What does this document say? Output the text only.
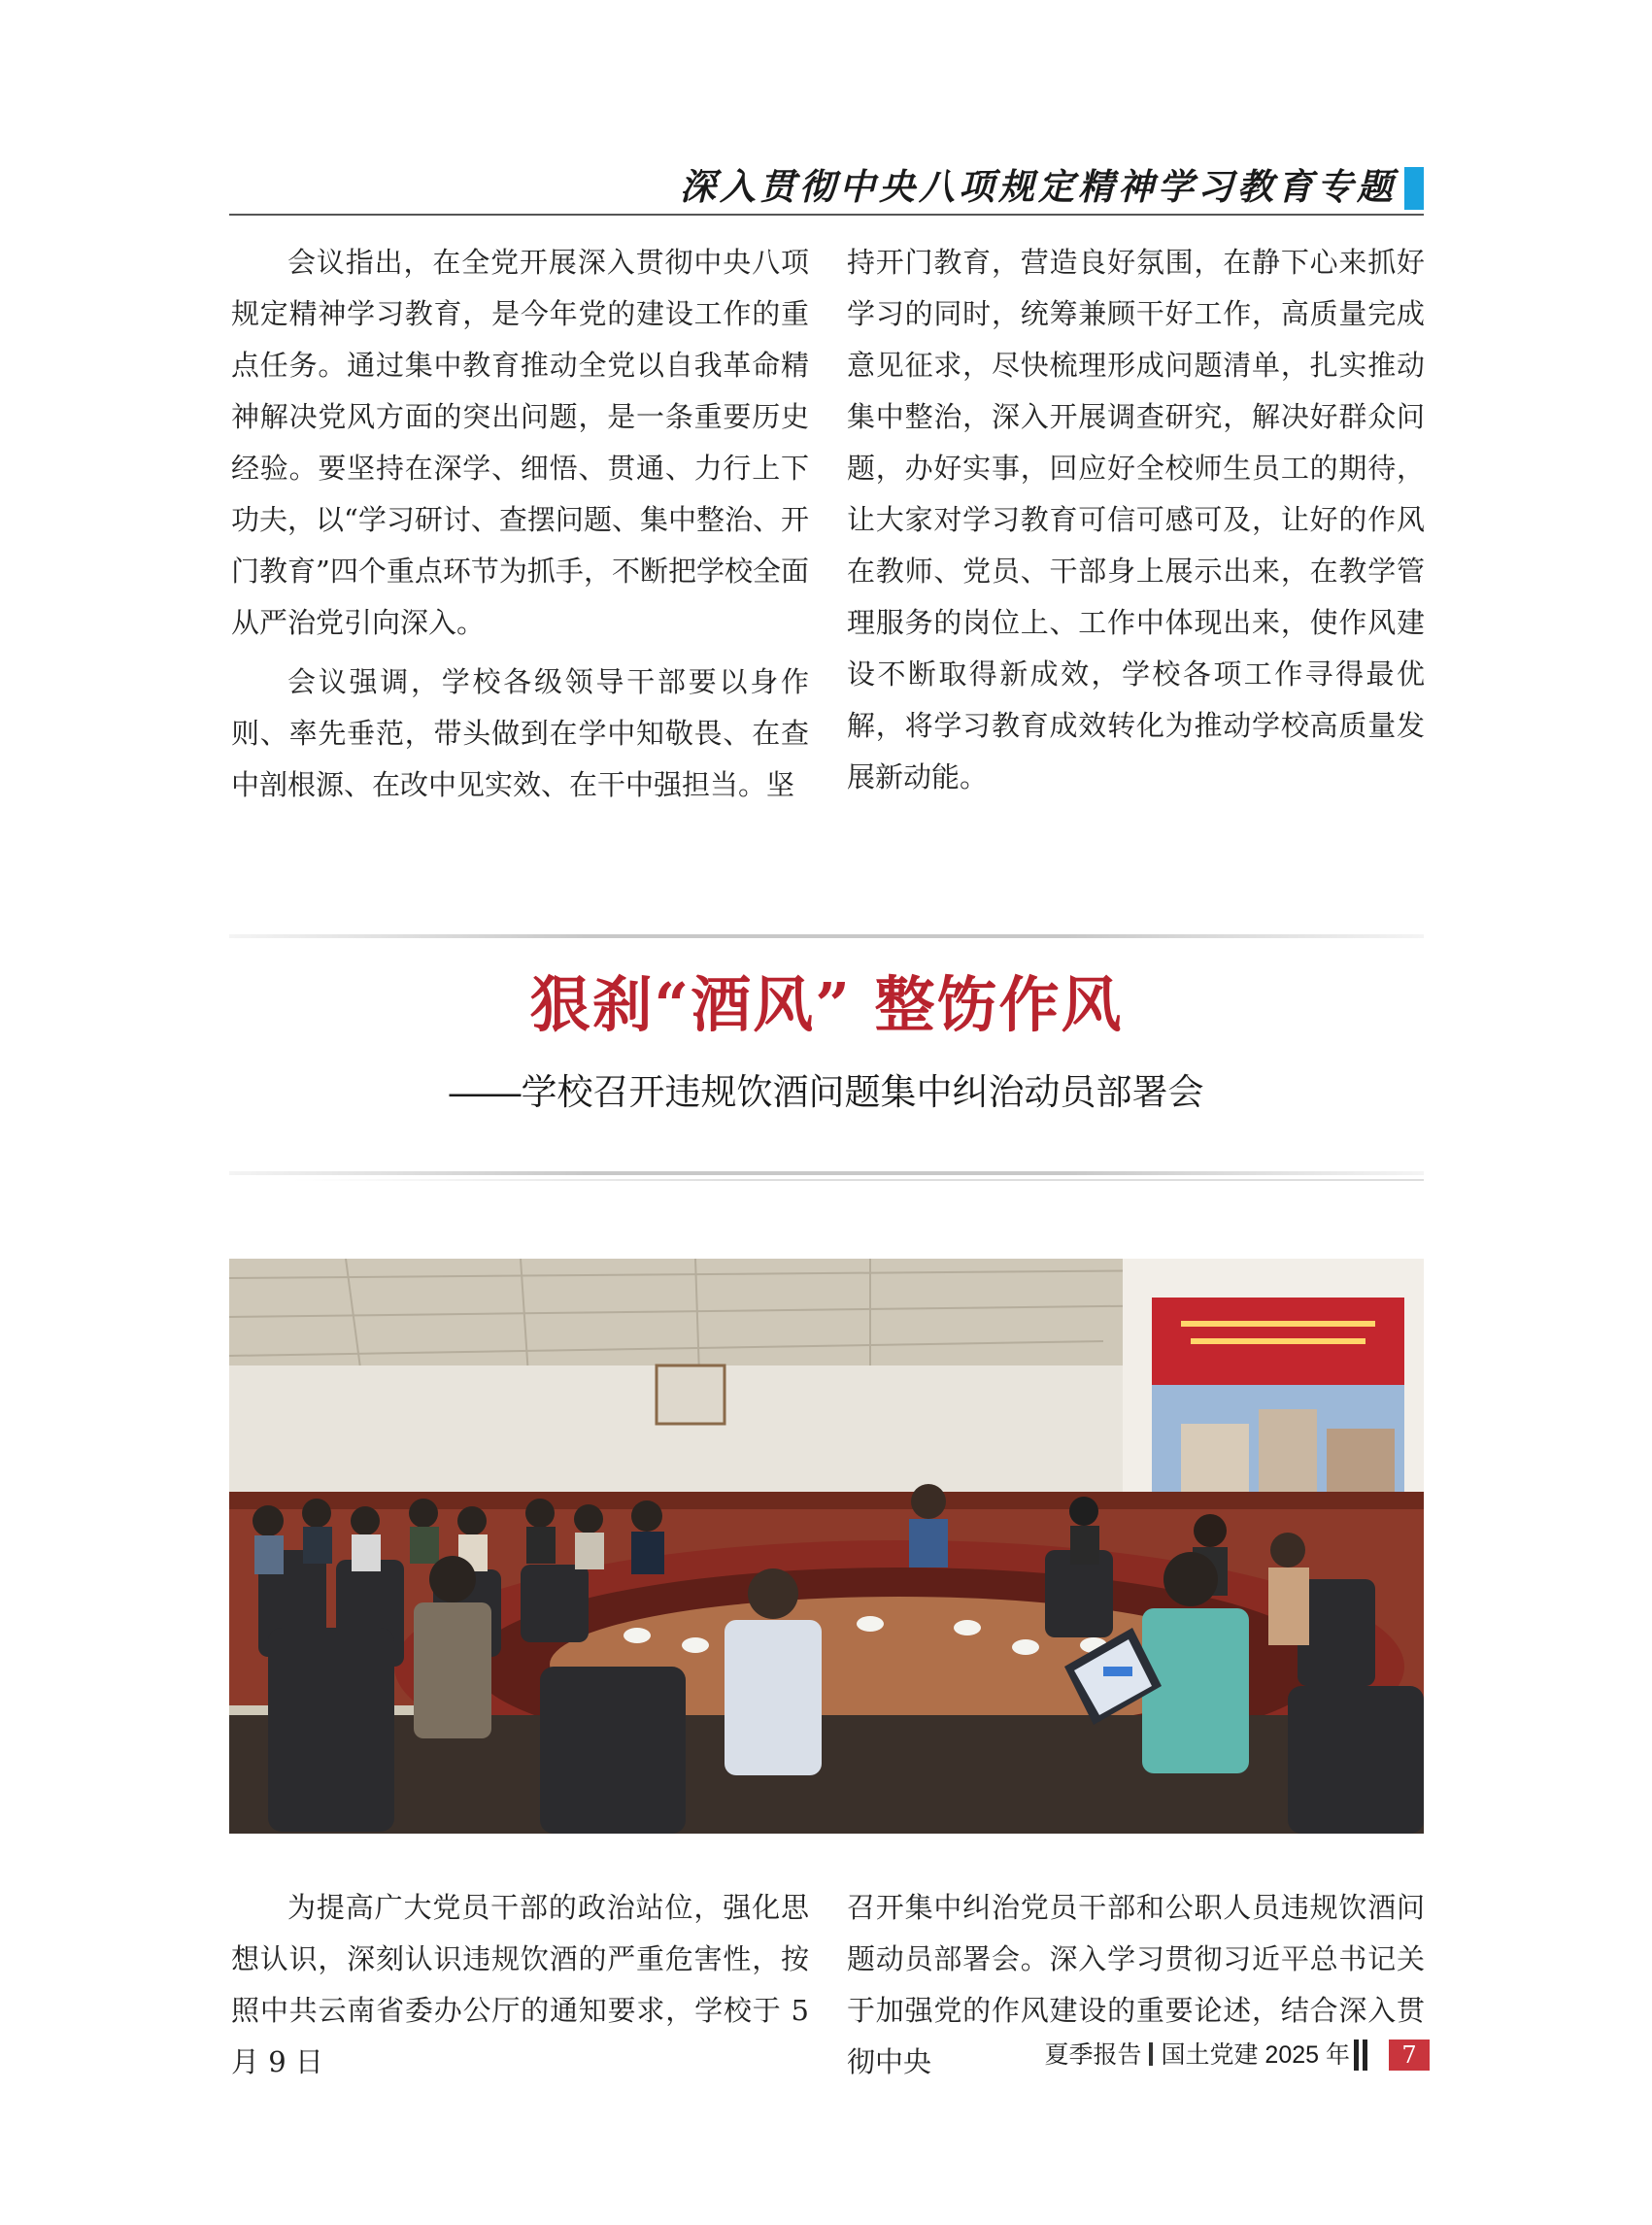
深入贯彻中央八项规定精神学习教育专题

会议指出，在全党开展深入贯彻中央八项规定精神学习教育，是今年党的建设工作的重点任务。通过集中教育推动全党以自我革命精神解决党风方面的突出问题，是一条重要历史经验。要坚持在深学、细悟、贯通、力行上下功夫，以“学习研讨、查摆问题、集中整治、开门教育”四个重点环节为抓手，不断把学校全面从严治党引向深入。

会议强调，学校各级领导干部要以身作则、率先垂范，带头做到在学中知敬畏、在查中剖根源、在改中见实效、在干中强担当。坚

持开门教育，营造良好氛围，在静下心来抓好学习的同时，统筹兼顾干好工作，高质量完成意见征求，尽快梳理形成问题清单，扎实推动集中整治，深入开展调查研究，解决好群众问题，办好实事，回应好全校师生员工的期待，让大家对学习教育可信可感可及，让好的作风在教师、党员、干部身上展示出来，在教学管理服务的岗位上、工作中体现出来，使作风建设不断取得新成效，学校各项工作寻得最优解，将学习教育成效转化为推动学校高质量发展新动能。

狠刹“酒风” 整饬作风
——学校召开违规饮酒问题集中纠治动员部署会

为提高广大党员干部的政治站位，强化思想认识，深刻认识违规饮酒的严重危害性，按照中共云南省委办公厅的通知要求，学校于 5 月 9 日

召开集中纠治党员干部和公职人员违规饮酒问题动员部署会。深入学习贯彻习近平总书记关于加强党的作风建设的重要论述，结合深入贯彻中央	夏季报告 国土党建 2025 年	7
